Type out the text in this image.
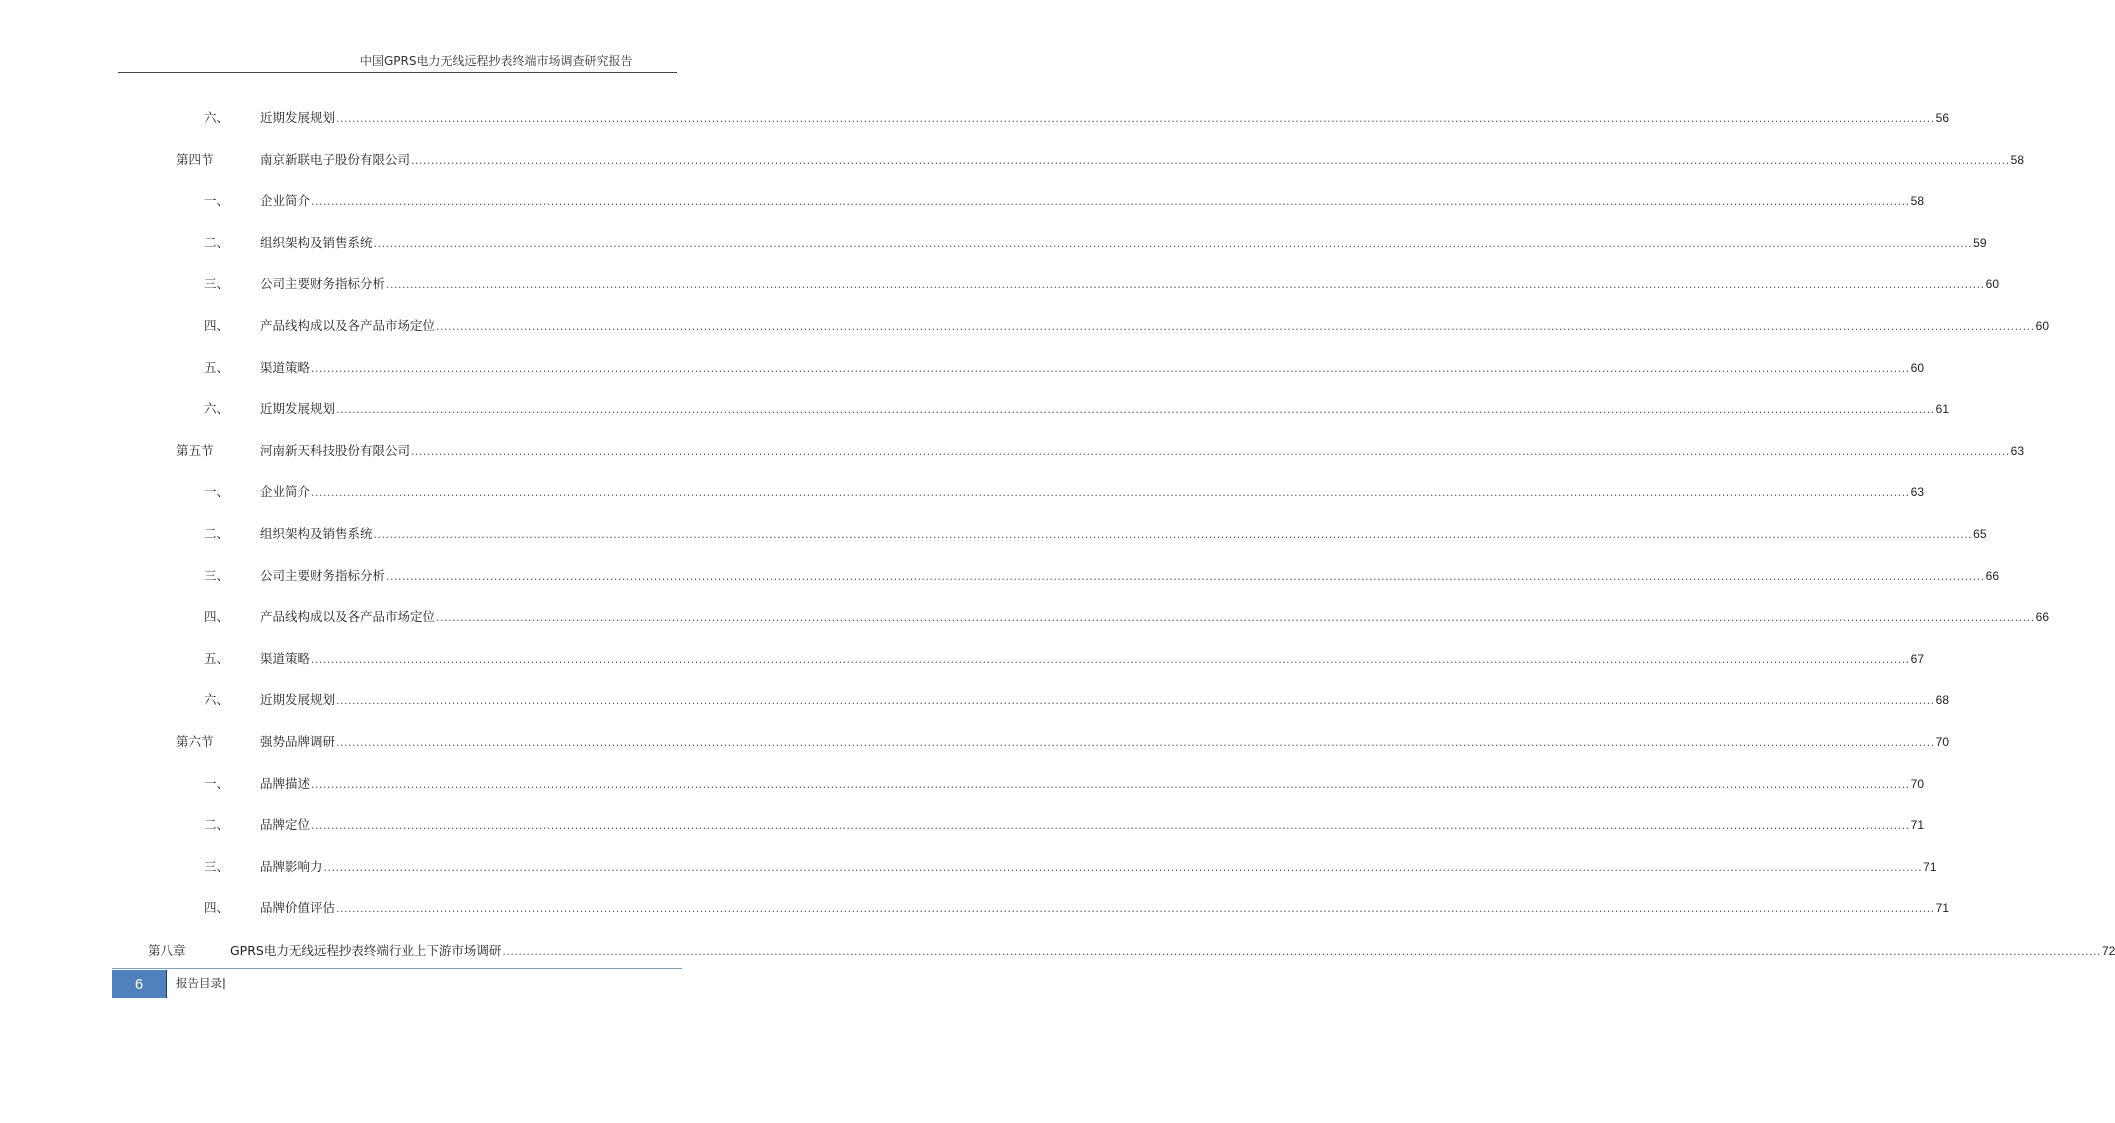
中国GPRS电力无线远程抄表终端市场调查研究报告
六、 近期发展规划 ................................................................................................................................................................................................................................................................................................................................................................................................................ 56
第四节	南京新联电子股份有限公司 ................................................................................................................................................................................................................................................................................................................................................................................................................ 58
一、 企业简介 ................................................................................................................................................................................................................................................................................................................................................................................................................ 58
二、 组织架构及销售系统 ................................................................................................................................................................................................................................................................................................................................................................................................................ 59
三、 公司主要财务指标分析 ................................................................................................................................................................................................................................................................................................................................................................................................................ 60
四、 产品线构成以及各产品市场定位 ................................................................................................................................................................................................................................................................................................................................................................................................................ 60
五、 渠道策略 ................................................................................................................................................................................................................................................................................................................................................................................................................ 60
六、 近期发展规划 ................................................................................................................................................................................................................................................................................................................................................................................................................ 61
第五节	河南新天科技股份有限公司 ................................................................................................................................................................................................................................................................................................................................................................................................................ 63
一、 企业简介 ................................................................................................................................................................................................................................................................................................................................................................................................................ 63
二、 组织架构及销售系统 ................................................................................................................................................................................................................................................................................................................................................................................................................ 65
三、 公司主要财务指标分析 ................................................................................................................................................................................................................................................................................................................................................................................................................ 66
四、 产品线构成以及各产品市场定位 ................................................................................................................................................................................................................................................................................................................................................................................................................ 66
五、 渠道策略 ................................................................................................................................................................................................................................................................................................................................................................................................................ 67
六、 近期发展规划 ................................................................................................................................................................................................................................................................................................................................................................................................................ 68
第六节	强势品牌调研 ................................................................................................................................................................................................................................................................................................................................................................................................................ 70
一、 品牌描述 ................................................................................................................................................................................................................................................................................................................................................................................................................ 70
二、 品牌定位 ................................................................................................................................................................................................................................................................................................................................................................................................................ 71
三、 品牌影响力 ................................................................................................................................................................................................................................................................................................................................................................................................................ 71
四、 品牌价值评估 ................................................................................................................................................................................................................................................................................................................................................................................................................ 71
第八章	GPRS电力无线远程抄表终端行业上下游市场调研 ................................................................................................................................................................................................................................................................................................................................................................................................................ 72
6	报告目录|
